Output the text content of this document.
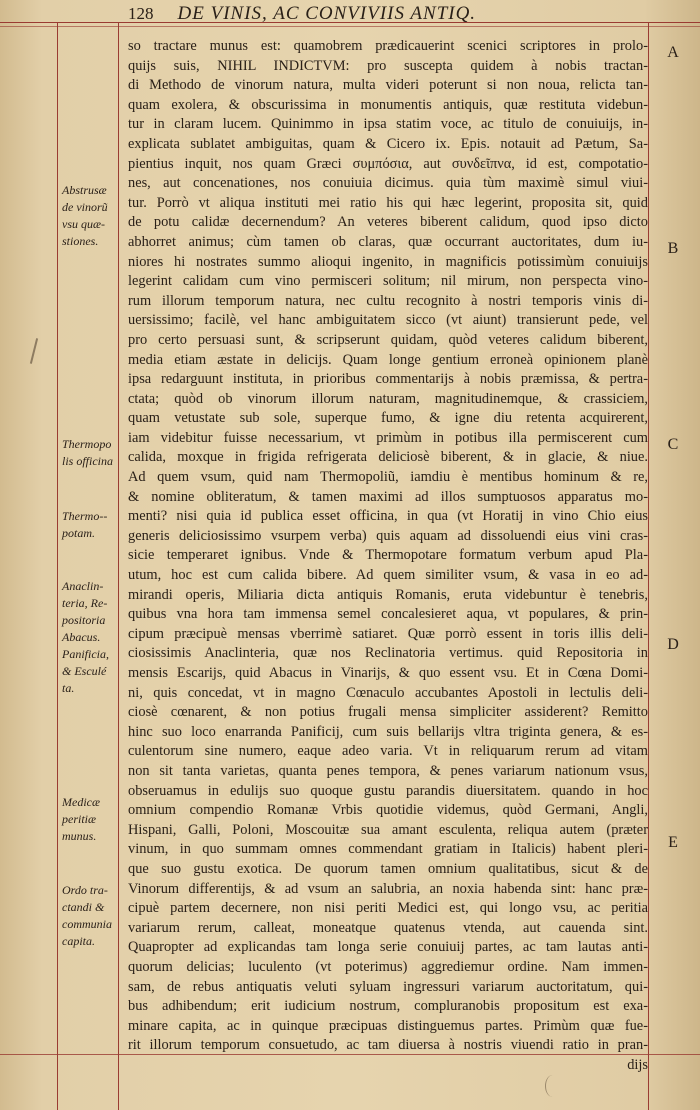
128 DE VINIS, AC CONVIVIIS ANTIQ.
Abstrusæ
de vinorũ
vsu quæ-
stiones.
Thermopo
lis officina
Thermo--
potam.
Anaclin-
teria, Re-
positoria
Abacus.
Panificia,
& Esculé
ta.
Medicæ
peritiæ
munus.
Ordo tra-
ctandi &
communia
capita.
A
B
C
D
E
so tractare munus est: quamobrem prædicauerint scenici scriptores in prolo-
quijs suis, NIHIL INDICTVM: pro suscepta quidem à nobis tractan-
di Methodo de vinorum natura, multa videri poterunt si non noua, relicta tan-
quam exolera, & obscurissima in monumentis antiquis, quæ restituta videbun-
tur in claram lucem. Quinimmo in ipsa statim voce, ac titulo de conuiuijs, in-
explicata sublatet ambiguitas, quam & Cicero ix. Epis. notauit ad Pætum, Sa-
pientius inquit, nos quam Græci συμπόσια, aut συνδεῖπνα, id est, compotatio-
nes, aut concenationes, nos conuiuia dicimus. quia tùm maximè simul viui-
tur. Porrò vt aliqua instituti mei ratio his qui hæc legerint, proposita sit, quid
de potu calidæ decernendum? An veteres biberent calidum, quod ipso dicto
abhorret animus; cùm tamen ob claras, quæ occurrant auctoritates, dum iu-
niores hi nostrates summo alioqui ingenito, in magnificis potissimùm conuiuijs
legerint calidam cum vino permisceri solitum; nil mirum, non perspecta vino-
rum illorum temporum natura, nec cultu recognito à nostri temporis vinis di-
uersissimo; facilè, vel hanc ambiguitatem sicco (vt aiunt) transierunt pede, vel
pro certo persuasi sunt, & scripserunt quidam, quòd veteres calidum biberent,
media etiam æstate in delicijs. Quam longe gentium erroneà opinionem planè
ipsa redarguunt instituta, in prioribus commentarijs à nobis præmissa, & pertra-
ctata; quòd ob vinorum illorum naturam, magnitudinemque, & crassiciem,
quam vetustate sub sole, superque fumo, & igne diu retenta acquirerent,
iam videbitur fuisse necessarium, vt primùm in potibus illa permiscerent cum
calida, moxque in frigida refrigerata deliciosè biberent, & in glacie, & niue.
Ad quem vsum, quid nam Thermopoliũ, iamdiu è mentibus hominum & re,
& nomine obliteratum, & tamen maximi ad illos sumptuosos apparatus mo-
menti? nisi quia id publica esset officina, in qua (vt Horatij in vino Chio eius
generis deliciosissimo vsurpem verba) quis aquam ad dissoluendi eius vini cras-
sicie temperaret ignibus. Vnde & Thermopotare formatum verbum apud Pla-
utum, hoc est cum calida bibere. Ad quem similiter vsum, & vasa in eo ad-
mirandi operis, Miliaria dicta antiquis Romanis, eruta videbuntur è tenebris,
quibus vna hora tam immensa semel concalesieret aqua, vt populares, & prin-
cipum præcipuè mensas vberrimè satiaret. Quæ porrò essent in toris illis deli-
ciosissimis Anaclinteria, quæ nos Reclinatoria vertimus. quid Repositoria in
mensis Escarijs, quid Abacus in Vinarijs, & quo essent vsu. Et in Cœna Domi-
ni, quis concedat, vt in magno Cœnaculo accubantes Apostoli in lectulis deli-
ciosè cœnarent, & non potius frugali mensa simpliciter assiderent? Remitto
hinc suo loco enarranda Panificij, cum suis bellarijs vltra triginta genera, & es-
culentorum sine numero, eaque adeo varia. Vt in reliquarum rerum ad vitam
non sit tanta varietas, quanta penes tempora, & penes variarum nationum vsus,
obseruamus in edulijs suo quoque gustu parandis diuersitatem. quando in hoc
omnium compendio Romanæ Vrbis quotidie videmus, quòd Germani, Angli,
Hispani, Galli, Poloni, Moscouitæ sua amant esculenta, reliqua autem (præter
vinum, in quo summam omnes commendant gratiam in Italicis) habent pleri-
que suo gustu exotica. De quorum tamen omnium qualitatibus, sicut & de
Vinorum differentijs, & ad vsum an salubria, an noxia habenda sint: hanc præ-
cipuè partem decernere, non nisi periti Medici est, qui longo vsu, ac peritia
variarum rerum, calleat, moneatque quatenus vtenda, aut cauenda sint.
Quapropter ad explicandas tam longa serie conuiuij partes, ac tam lautas anti-
quorum delicias; luculento (vt poterimus) aggrediemur ordine. Nam immen-
sam, de rebus antiquatis veluti syluam ingressuri variarum auctoritatum, qui-
bus adhibendum; erit iudicium nostrum, compluranobis propositum est exa-
minare capita, ac in quinque præcipuas distinguemus partes. Primùm quæ fue-
rit illorum temporum consuetudo, ac tam diuersa à nostris viuendi ratio in pran-
dijs
